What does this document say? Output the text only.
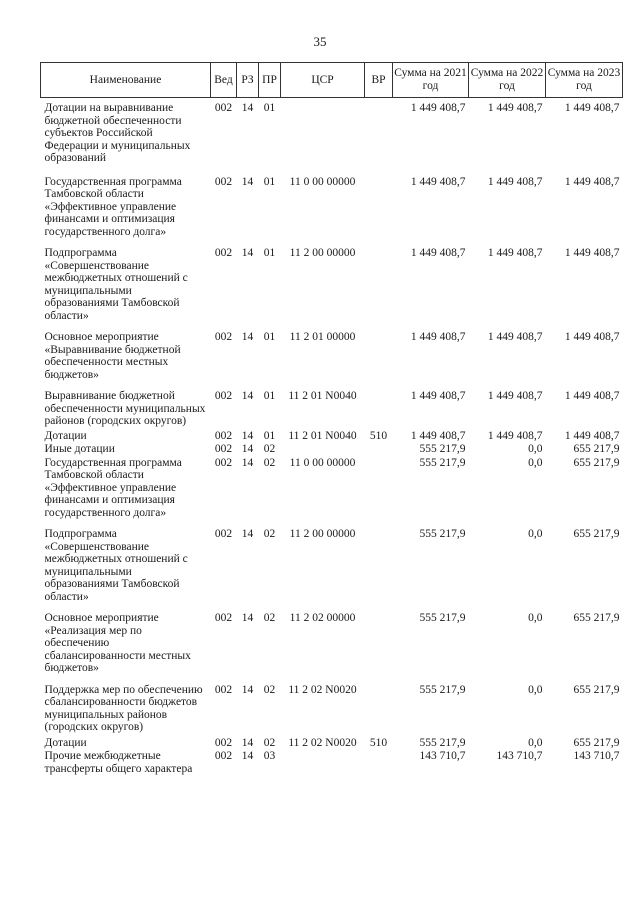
35
Наименование	Вед	РЗ	ПР	ЦСР	ВР	Сумма на 2021 год	Сумма на 2022 год	Сумма на 2023 год
Дотации на выравнивание бюджетной обеспеченности субъектов Российской Федерации и муниципальных образований	002	14	01			1 449 408,7	1 449 408,7	1 449 408,7
Государственная программа Тамбовской области «Эффективное управление финансами и оптимизация государственного долга»	002	14	01	11 0 00 00000		1 449 408,7	1 449 408,7	1 449 408,7
Подпрограмма «Совершенствование межбюджетных отношений с муниципальными образованиями Тамбовской области»	002	14	01	11 2 00 00000		1 449 408,7	1 449 408,7	1 449 408,7
Основное мероприятие «Выравнивание бюджетной обеспеченности местных бюджетов»	002	14	01	11 2 01 00000		1 449 408,7	1 449 408,7	1 449 408,7
Выравнивание бюджетной обеспеченности муниципальных районов (городских округов)	002	14	01	11 2 01 N0040		1 449 408,7	1 449 408,7	1 449 408,7
Дотации	002	14	01	11 2 01 N0040	510	1 449 408,7	1 449 408,7	1 449 408,7
Иные дотации	002	14	02			555 217,9	0,0	655 217,9
Государственная программа Тамбовской области «Эффективное управление финансами и оптимизация государственного долга»	002	14	02	11 0 00 00000		555 217,9	0,0	655 217,9
Подпрограмма «Совершенствование межбюджетных отношений с муниципальными образованиями Тамбовской области»	002	14	02	11 2 00 00000		555 217,9	0,0	655 217,9
Основное мероприятие «Реализация мер по обеспечению сбалансированности местных бюджетов»	002	14	02	11 2 02 00000		555 217,9	0,0	655 217,9
Поддержка мер по обеспечению сбалансированности бюджетов муниципальных районов (городских округов)	002	14	02	11 2 02 N0020		555 217,9	0,0	655 217,9
Дотации	002	14	02	11 2 02 N0020	510	555 217,9	0,0	655 217,9
Прочие межбюджетные трансферты общего характера	002	14	03			143 710,7	143 710,7	143 710,7
